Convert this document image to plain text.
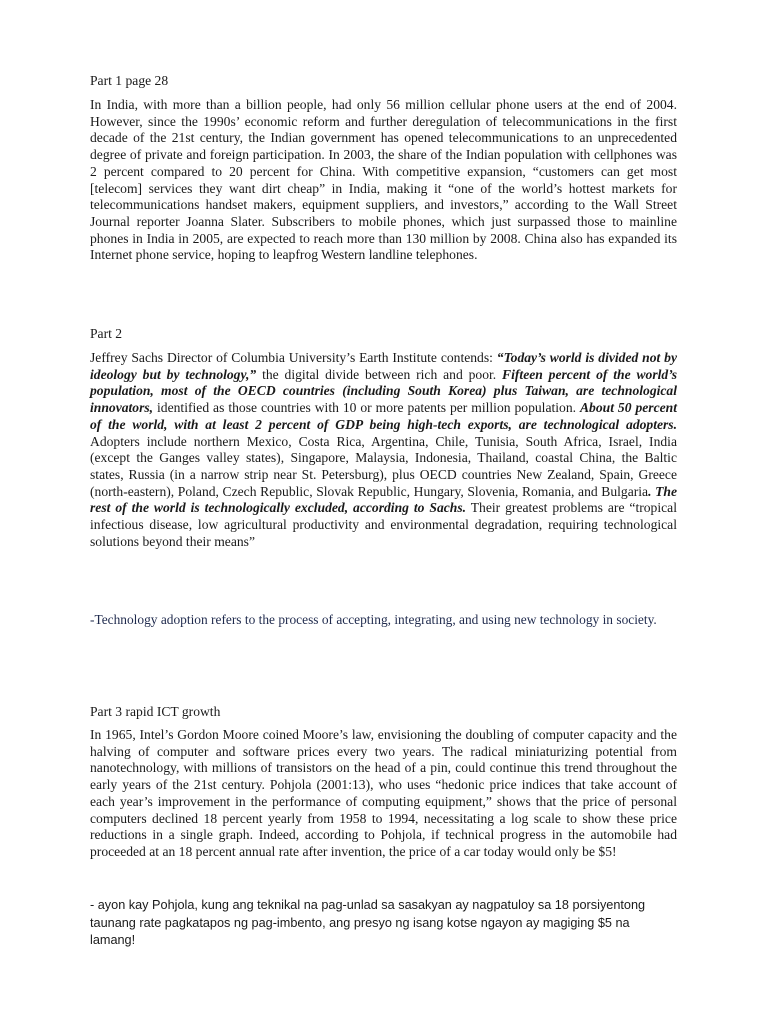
Part 1 page 28

In India, with more than a billion people, had only 56 million cellular phone users at the end of 2004. However, since the 1990s’ economic reform and further deregulation of telecommunications in the first decade of the 21st century, the Indian government has opened telecommunications to an unprecedented degree of private and foreign participation. In 2003, the share of the Indian population with cellphones was 2 percent compared to 20 percent for China. With competitive expansion, “customers can get most [telecom] services they want dirt cheap” in India, making it “one of the world’s hottest markets for telecommunications handset makers, equipment suppliers, and investors,” according to the Wall Street Journal reporter Joanna Slater. Subscribers to mobile phones, which just surpassed those to mainline phones in India in 2005, are expected to reach more than 130 million by 2008. China also has expanded its Internet phone service, hoping to leapfrog Western landline telephones.

Part 2

Jeffrey Sachs Director of Columbia University’s Earth Institute contends: “Today’s world is divided not by ideology but by technology,” the digital divide between rich and poor. Fifteen percent of the world’s population, most of the OECD countries (including South Korea) plus Taiwan, are technological innovators, identified as those countries with 10 or more patents per million population. About 50 percent of the world, with at least 2 percent of GDP being high-tech exports, are technological adopters. Adopters include northern Mexico, Costa Rica, Argentina, Chile, Tunisia, South Africa, Israel, India (except the Ganges valley states), Singapore, Malaysia, Indonesia, Thailand, coastal China, the Baltic states, Russia (in a narrow strip near St. Petersburg), plus OECD countries New Zealand, Spain, Greece (north-eastern), Poland, Czech Republic, Slovak Republic, Hungary, Slovenia, Romania, and Bulgaria. The rest of the world is technologically excluded, according to Sachs. Their greatest problems are “tropical infectious disease, low agricultural productivity and environmental degradation, requiring technological solutions beyond their means”

-Technology adoption refers to the process of accepting, integrating, and using new technology in society.

Part 3 rapid ICT growth

In 1965, Intel’s Gordon Moore coined Moore’s law, envisioning the doubling of computer capacity and the halving of computer and software prices every two years. The radical miniaturizing potential from nanotechnology, with millions of transistors on the head of a pin, could continue this trend throughout the early years of the 21st century. Pohjola (2001:13), who uses “hedonic price indices that take account of each year’s improvement in the performance of computing equipment,” shows that the price of personal computers declined 18 percent yearly from 1958 to 1994, necessitating a log scale to show these price reductions in a single graph. Indeed, according to Pohjola, if technical progress in the automobile had proceeded at an 18 percent annual rate after invention, the price of a car today would only be $5!

- ayon kay Pohjola, kung ang teknikal na pag-unlad sa sasakyan ay nagpatuloy sa 18 porsiyentong taunang rate pagkatapos ng pag-imbento, ang presyo ng isang kotse ngayon ay magiging $5 na lamang!
